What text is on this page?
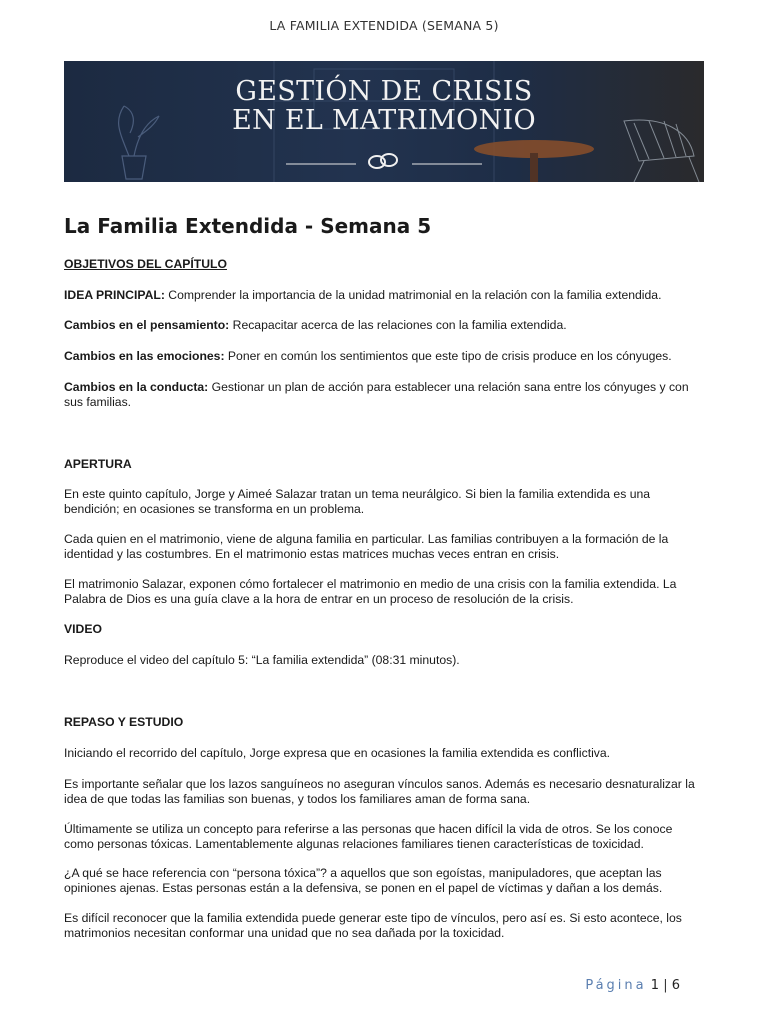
LA FAMILIA EXTENDIDA (SEMANA 5)
GESTIÓN DE CRISIS
EN EL MATRIMONIO
La Familia Extendida - Semana 5

OBJETIVOS DEL CAPÍTULO

IDEA PRINCIPAL: Comprender la importancia de la unidad matrimonial en la relación con la familia extendida.

Cambios en el pensamiento: Recapacitar acerca de las relaciones con la familia extendida.

Cambios en las emociones: Poner en común los sentimientos que este tipo de crisis produce en los cónyuges.

Cambios en la conducta: Gestionar un plan de acción para establecer una relación sana entre los cónyuges y con sus familias.

APERTURA

En este quinto capítulo, Jorge y Aimeé Salazar tratan un tema neurálgico. Si bien la familia extendida es una bendición; en ocasiones se transforma en un problema.

Cada quien en el matrimonio, viene de alguna familia en particular. Las familias contribuyen a la formación de la identidad y las costumbres. En el matrimonio estas matrices muchas veces entran en crisis.

El matrimonio Salazar, exponen cómo fortalecer el matrimonio en medio de una crisis con la familia extendida. La Palabra de Dios es una guía clave a la hora de entrar en un proceso de resolución de la crisis.

VIDEO

Reproduce el video del capítulo 5: “La familia extendida” (08:31 minutos).

REPASO Y ESTUDIO

Iniciando el recorrido del capítulo, Jorge expresa que en ocasiones la familia extendida es conflictiva.

Es importante señalar que los lazos sanguíneos no aseguran vínculos sanos. Además es necesario desnaturalizar la idea de que todas las familias son buenas, y todos los familiares aman de forma sana.

Últimamente se utiliza un concepto para referirse a las personas que hacen difícil la vida de otros. Se los conoce como personas tóxicas. Lamentablemente algunas relaciones familiares tienen características de toxicidad.

¿A qué se hace referencia con “persona tóxica”? a aquellos que son egoístas, manipuladores, que aceptan las opiniones ajenas. Estas personas están a la defensiva, se ponen en el papel de víctimas y dañan a los demás.

Es difícil reconocer que la familia extendida puede generar este tipo de vínculos, pero así es. Si esto acontece, los matrimonios necesitan conformar una unidad que no sea dañada por la toxicidad.

Página 1 | 6
